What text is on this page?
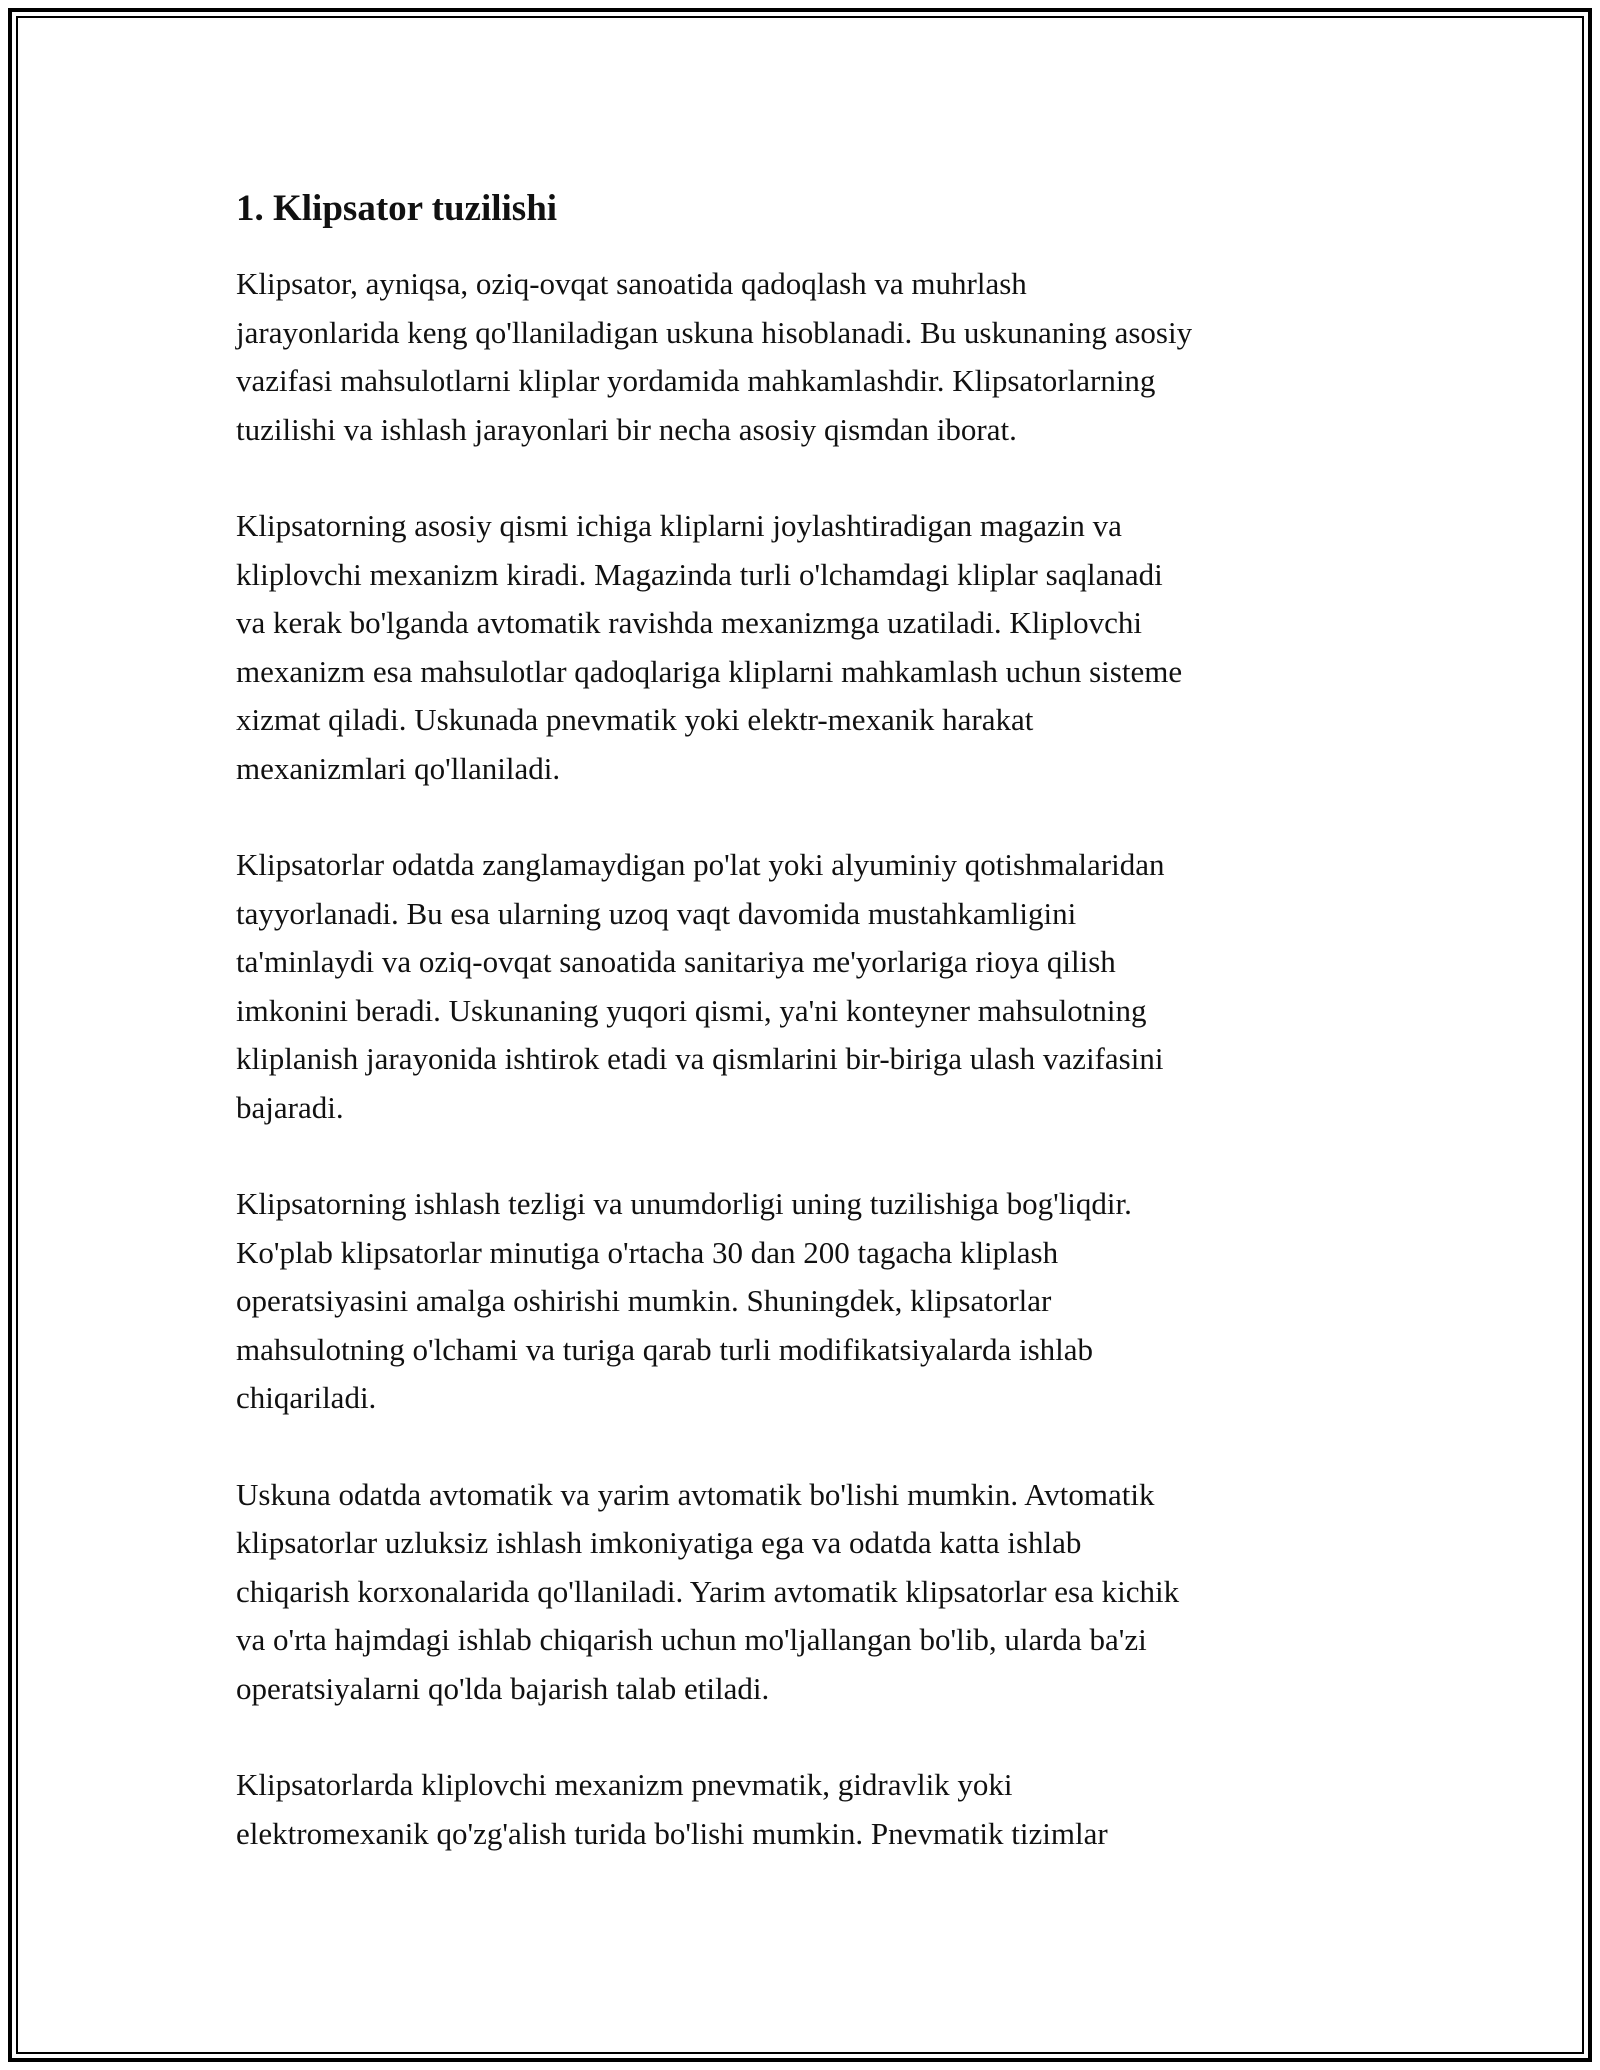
1. Klipsator tuzilishi

Klipsator, ayniqsa, oziq-ovqat sanoatida qadoqlash va muhrlash
jarayonlarida keng qo'llaniladigan uskuna hisoblanadi. Bu uskunaning asosiy
vazifasi mahsulotlarni kliplar yordamida mahkamlashdir. Klipsatorlarning
tuzilishi va ishlash jarayonlari bir necha asosiy qismdan iborat.

Klipsatorning asosiy qismi ichiga kliplarni joylashtiradigan magazin va
kliplovchi mexanizm kiradi. Magazinda turli o'lchamdagi kliplar saqlanadi
va kerak bo'lganda avtomatik ravishda mexanizmga uzatiladi. Kliplovchi
mexanizm esa mahsulotlar qadoqlariga kliplarni mahkamlash uchun sisteme
xizmat qiladi. Uskunada pnevmatik yoki elektr-mexanik harakat
mexanizmlari qo'llaniladi.

Klipsatorlar odatda zanglamaydigan po'lat yoki alyuminiy qotishmalaridan
tayyorlanadi. Bu esa ularning uzoq vaqt davomida mustahkamligini
ta'minlaydi va oziq-ovqat sanoatida sanitariya me'yorlariga rioya qilish
imkonini beradi. Uskunaning yuqori qismi, ya'ni konteyner mahsulotning
kliplanish jarayonida ishtirok etadi va qismlarini bir-biriga ulash vazifasini
bajaradi.

Klipsatorning ishlash tezligi va unumdorligi uning tuzilishiga bog'liqdir.
Ko'plab klipsatorlar minutiga o'rtacha 30 dan 200 tagacha kliplash
operatsiyasini amalga oshirishi mumkin. Shuningdek, klipsatorlar
mahsulotning o'lchami va turiga qarab turli modifikatsiyalarda ishlab
chiqariladi.

Uskuna odatda avtomatik va yarim avtomatik bo'lishi mumkin. Avtomatik
klipsatorlar uzluksiz ishlash imkoniyatiga ega va odatda katta ishlab
chiqarish korxonalarida qo'llaniladi. Yarim avtomatik klipsatorlar esa kichik
va o'rta hajmdagi ishlab chiqarish uchun mo'ljallangan bo'lib, ularda ba'zi
operatsiyalarni qo'lda bajarish talab etiladi.

Klipsatorlarda kliplovchi mexanizm pnevmatik, gidravlik yoki
elektromexanik qo'zg'alish turida bo'lishi mumkin. Pnevmatik tizimlar
